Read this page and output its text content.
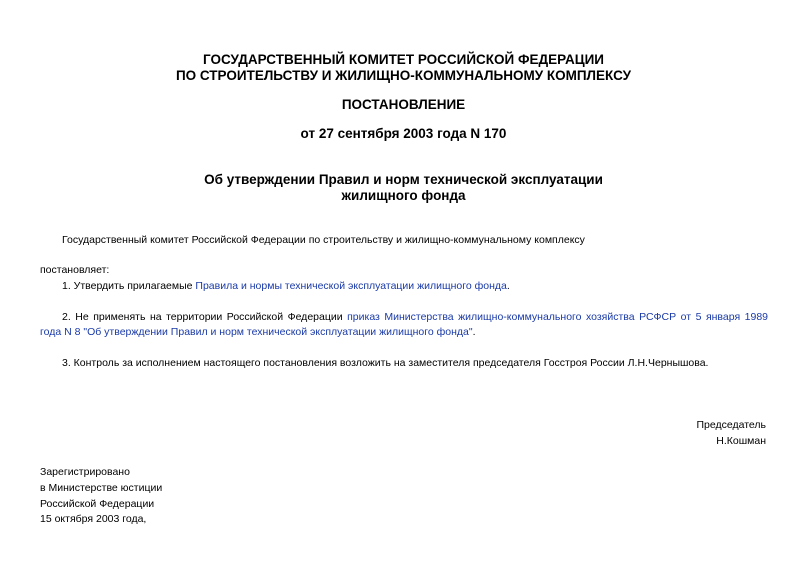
ГОСУДАРСТВЕННЫЙ КОМИТЕТ РОССИЙСКОЙ ФЕДЕРАЦИИ
ПО СТРОИТЕЛЬСТВУ И ЖИЛИЩНО-КОММУНАЛЬНОМУ КОМПЛЕКСУ
ПОСТАНОВЛЕНИЕ
от 27 сентября 2003 года N 170
Об утверждении Правил и норм технической эксплуатации
жилищного фонда
Государственный комитет Российской Федерации по строительству и жилищно-коммунальному комплексу
постановляет:
1. Утвердить прилагаемые Правила и нормы технической эксплуатации жилищного фонда.
2. Не применять на территории Российской Федерации приказ Министерства жилищно-коммунального хозяйства РСФСР от 5 января 1989 года N 8 "Об утверждении Правил и норм технической эксплуатации жилищного фонда".
3. Контроль за исполнением настоящего постановления возложить на заместителя председателя Госстроя России Л.Н.Чернышова.
Председатель
Н.Кошман
Зарегистрировано
в Министерстве юстиции
Российской Федерации
15 октября 2003 года,
